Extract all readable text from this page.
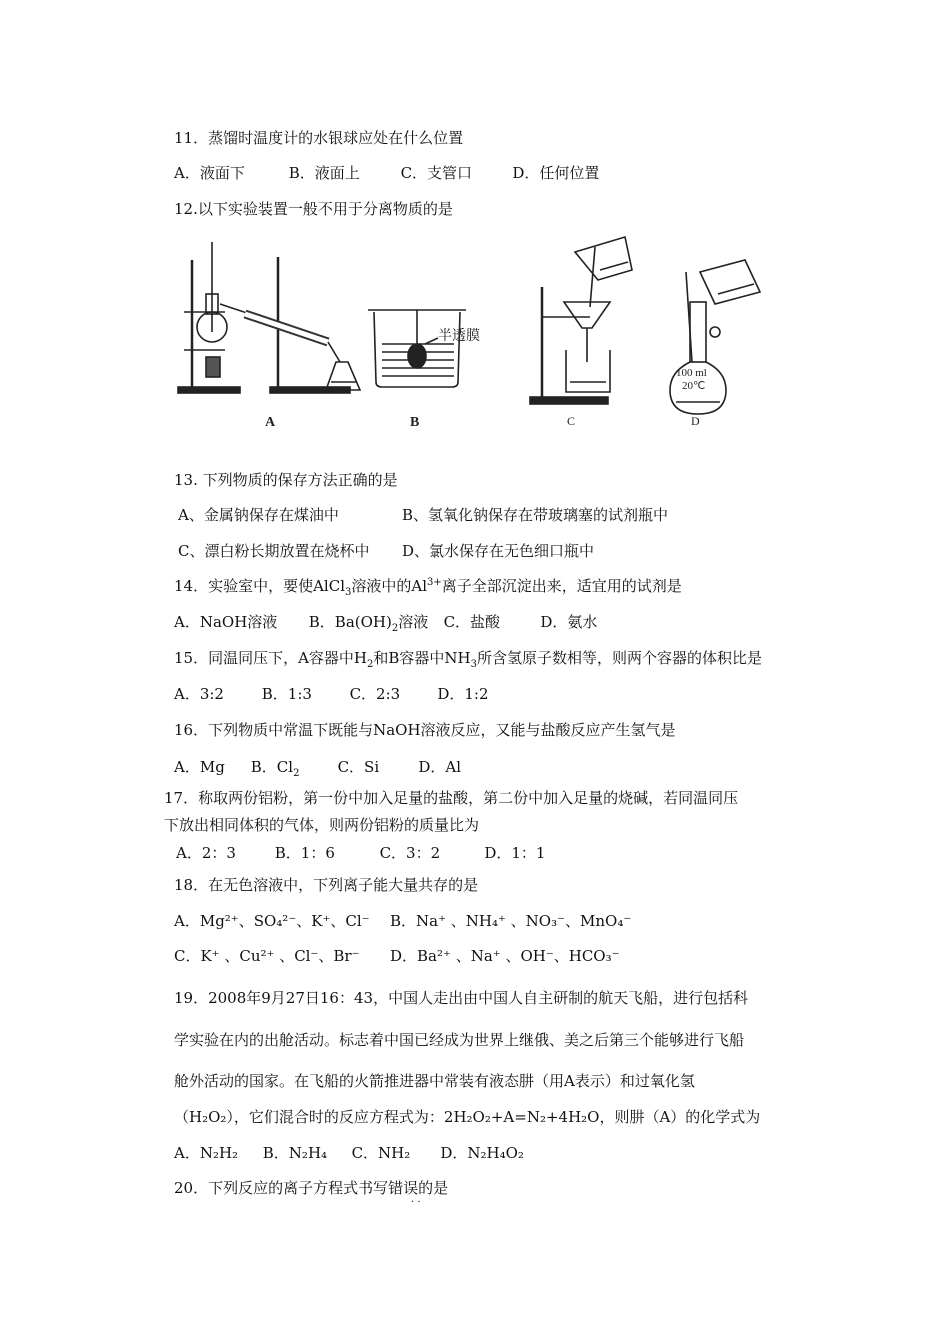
11．蒸馏时温度计的水银球应处在什么位置
A．液面下	B．液面上	C．支管口	D．任何位置
12.以下实验装置一般不用于分离物质的是
A
半透膜
B	C
100 ml
20℃
D
13. 下列物质的保存方法正确的是
A、金属钠保存在煤油中	B、氢氧化钠保存在带玻璃塞的试剂瓶中
C、漂白粉长期放置在烧杯中 D、氯水保存在无色细口瓶中
14．实验室中，要使AlCl$_3$溶液中的$Al^{3+}$离子全部沉淀出来，适宜用的试剂是
A．NaOH溶液 B．$Ba(OH)_2$溶液 C．盐酸	D．氨水
15．同温同压下，A容器中$H_2$和B容器中$NH_3$所含氢原子数相等，则两个容器的体积比是
A．3:2	B．1:3	C．2:3 D．1:2
16．下列物质中常温下既能与NaOH溶液反应，又能与盐酸反应产生氢气是
A．Mg B．$Cl_2$	C．Si	D．Al
17．称取两份铝粉，第一份中加入足量的盐酸，第二份中加入足量的烧碱，若同温同压
下放出相同体积的气体，则两份铝粉的质量比为
A．2：3	B．1：6	C．3：2	D．1：1
18．在无色溶液中，下列离子能大量共存的是
A．Mg²⁺、SO₄²⁻、K⁺、Cl⁻ B．Na⁺ 、NH₄⁺ 、NO₃⁻、MnO₄⁻
C．K⁺ 、Cu²⁺ 、Cl⁻、Br⁻ D．Ba²⁺ 、Na⁺ 、OH⁻、HCO₃⁻
19．2008年9月27日16：43，中国人走出由中国人自主研制的航天飞船，进行包括科
学实验在内的出舱活动。标志着中国已经成为世界上继俄、美之后第三个能够进行飞船
舱外活动的国家。在飞船的火箭推进器中常装有液态肼（用A表示）和过氧化氢
（H₂O₂），它们混合时的反应方程式为：2H₂O₂+A=N₂+4H₂O，则肼（A）的化学式为
A．N₂H₂ B．N₂H₄ C．NH₂ D．N₂H₄O₂
20．下列反应的离子方程式书写错误的是
· ·
